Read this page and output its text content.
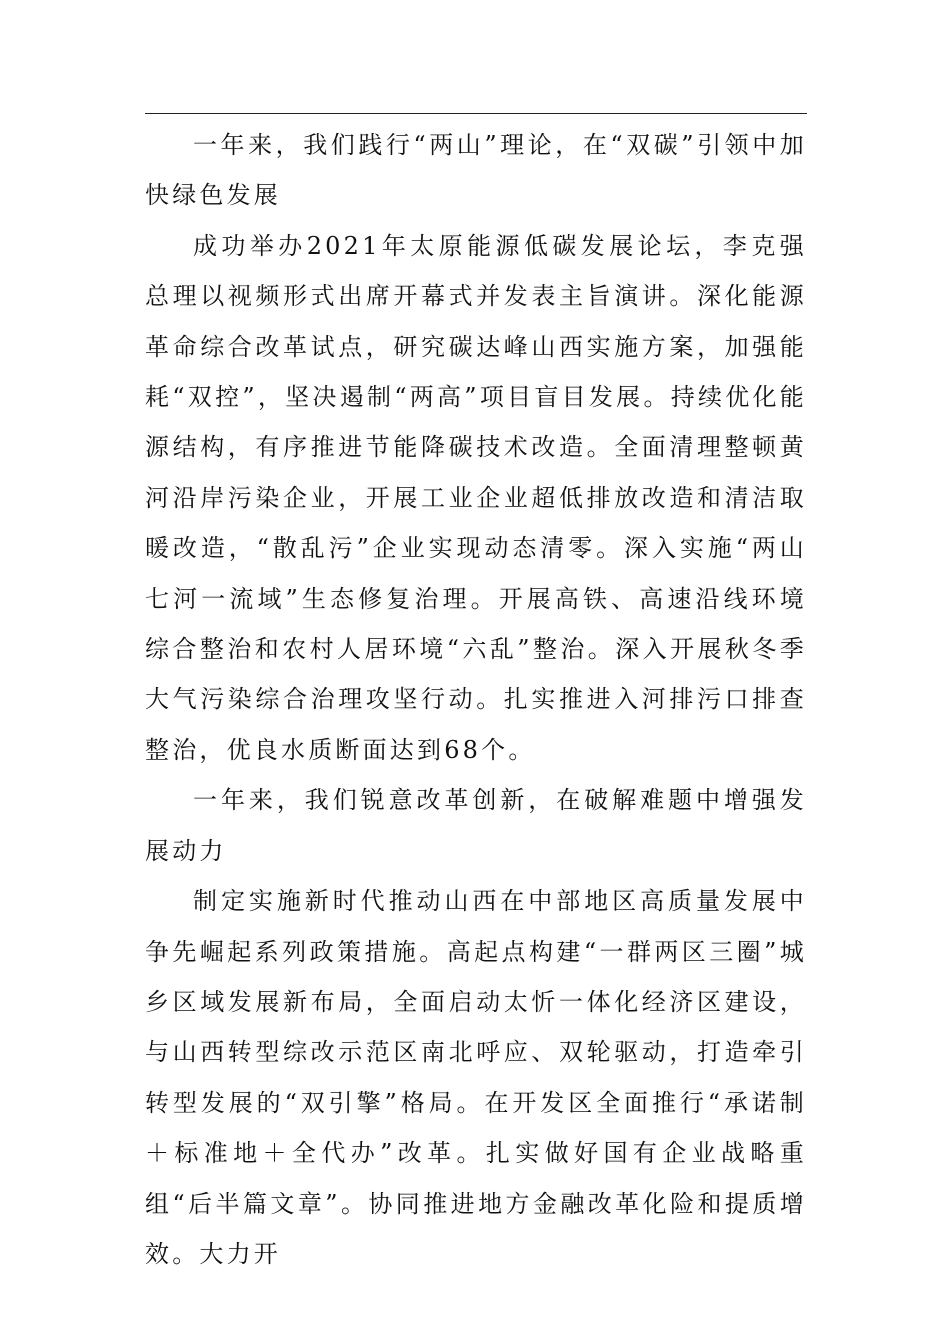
一年来，我们践行“两山”理论，在“双碳”引领中加快绿色发展

成功举办2021年太原能源低碳发展论坛，李克强总理以视频形式出席开幕式并发表主旨演讲。深化能源革命综合改革试点，研究碳达峰山西实施方案，加强能耗“双控”，坚决遏制“两高”项目盲目发展。持续优化能源结构，有序推进节能降碳技术改造。全面清理整顿黄河沿岸污染企业，开展工业企业超低排放改造和清洁取暖改造，“散乱污”企业实现动态清零。深入实施“两山七河一流域”生态修复治理。开展高铁、高速沿线环境综合整治和农村人居环境“六乱”整治。深入开展秋冬季大气污染综合治理攻坚行动。扎实推进入河排污口排查整治，优良水质断面达到68个。

一年来，我们锐意改革创新，在破解难题中增强发展动力

制定实施新时代推动山西在中部地区高质量发展中争先崛起系列政策措施。高起点构建“一群两区三圈”城乡区域发展新布局，全面启动太忻一体化经济区建设，与山西转型综改示范区南北呼应、双轮驱动，打造牵引转型发展的“双引擎”格局。在开发区全面推行“承诺制＋标准地＋全代办”改革。扎实做好国有企业战略重组“后半篇文章”。协同推进地方金融改革化险和提质增效。大力开
